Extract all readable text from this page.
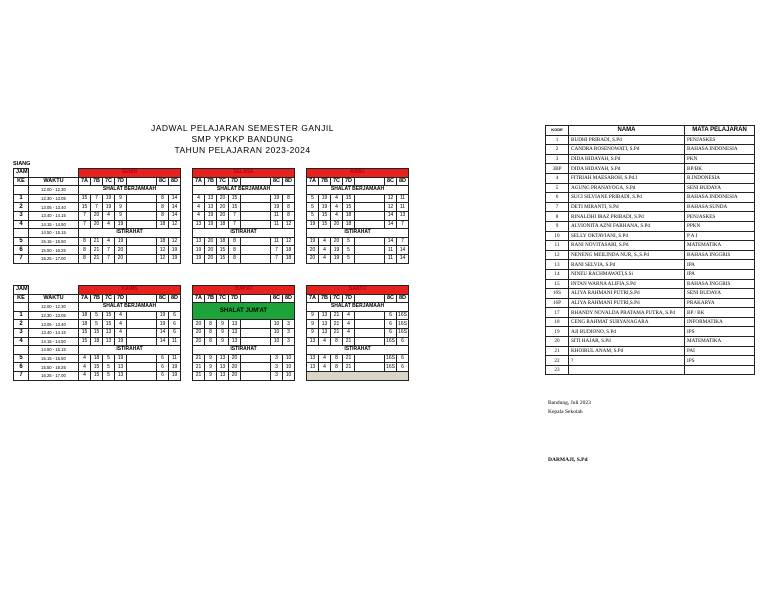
JADWAL PELAJARAN SEMESTER GANJIL
SMP YPKKP BANDUNG
TAHUN PELAJARAN 2023-2024
SIANG
JAM		SENIN								SELASA								RABU						
KE	WAKTU	7A	7B	7C	7D		8C	8D		7A	7B	7C	7D		8C	8D		7A	7B	7C	7D		8C	8D
	12.00 - 12.30	SHALAT BERJAMAAH								SHALAT BERJAMAAH								SHALAT BERJAMAAH						
1	12.30 - 13.05	15	7	19	9		8	14		4	13	20	15		19	8		5	19	4	15		12	11
2	13.05 - 13.40	15	7	19	9		8	14		4	13	20	15		19	8		5	19	4	15		12	11
3	13.40 - 14.15	7	20	4	9		8	14		4	19	20	7		11	8		5	15	4	18		14	13
4	14.15 - 14.50	7	20	4	19		18	12		13	19	18	7		11	12		19	15	20	18		14	7
	14.50 - 15.15	ISTIRAHAT								ISTIRAHAT								ISTIRAHAT						
5	15.15 - 15.50	8	21	4	19		18	12		13	20	18	8		11	12		19	4	20	5		14	7
6	15.50 - 16.25	8	21	7	20		12	19		19	20	15	8		7	18		20	4	19	5		11	14
7	16.25 - 17.00	8	21	7	20		12	19		19	20	15	8		7	18		20	4	19	5		11	14
JAM		KAMIS								JUM'AT								SABTU						
KE	WAKTU	7A	7B	7C	7D		8C	8D		7A	7B	7C	7D		8C	8D		7A	7B	7C	7D		8C	8D
	12.00 - 12.30	SHALAT BERJAMAAH								SHALAT JUM'AT								SHALAT BERJAMAAH						
1	12.30 - 13.05	18	5	15	4		19	6										9	13	21	4		6	16S
2	13.05 - 13.40	18	5	15	4		19	6		20	8	9	13		10	3		9	13	21	4		6	16S
3	13.40 - 14.15	15	15	13	4		14	6		20	8	9	13		10	3		9	13	21	4		6	16S
4	14.15 - 14.50	15	18	13	19		14	11		20	8	9	13		10	3		13	4	8	21		16S	6
	14.50 - 15.15	ISTIRAHAT								ISTIRAHAT								ISTIRAHAT						
5	15.15 - 15.50	4	18	5	19		6	11		21	9	13	20		3	10		13	4	8	21		16S	6
6	15.50 - 16.25	4	15	5	13		6	19		21	9	13	20		3	10		13	4	8	21		16S	6
7	16.25 - 17.00	4	15	5	13		6	19		21	9	13	20		3	10								
KODE	NAMA	MATA PELAJARAN
1	BUDHI PRIBADI, S.Pd	PENJASKES
2	CANDRA ROSENOWATI, S.Pd	BAHASA INDONESIA
3	DIDA HIDAYAH, S.Pd	PKN
3BP	DIDA HIDAYAH, S.Pd	BP/BK
4	FITRIAH MAESAROH, S.Pd.I	B.INDONESIA
5	AGUNG PRANAYOGA, S.Pd	SENI BUDAYA
6	SUCI SILVIANE PRIBADI, S.Pd	BAHASA INDONESIA
7	DETI MIRANTI, S.Pd	BAHASA SUNDA
8	RINALDHI IRAZ PRIBADI, S.Pd	PENJASKES
9	ALVIONITA AZNI FARHANA, S.Pd	PPKN
10	SELLY OKTAVIANI, S.Pd	P A I
11	RANI NOVITASARI, S.Pd	MATEMATIKA
12	NENENG MEILINDA NUR, S.,S.Pd	BAHASA INGGRIS
13	RANI SELVIA, S.Pd	IPA
14	NINEU RACHMAWATI,S.Si	IPA
15	INTAN WARNA ALIFIA,S.Pd	BAHASA INGGRIS
16S	ALIYA RAHMANI PUTRI,S.Pd	SENI BUDAYA
16P	ALIYA RAHMANI PUTRI,S.Pd	PRAKARYA
17	RHANDY NOVALDA PRATAMA PUTRA, S.Pd	BP / BK
18	CENG RAHMAT SURYANAGARA	INFORMATIKA
19	AJI BUDIONO, S.Pd	IPS
20	SITI HAJAR, S.Pd	MATEMATIKA
21	KHOIRUL ANAM, S.Pd	PAI
22	?	IPS
23		
Bandung, Juli 2023
Kepala Sekolah
DARMAJI, S.Pd
